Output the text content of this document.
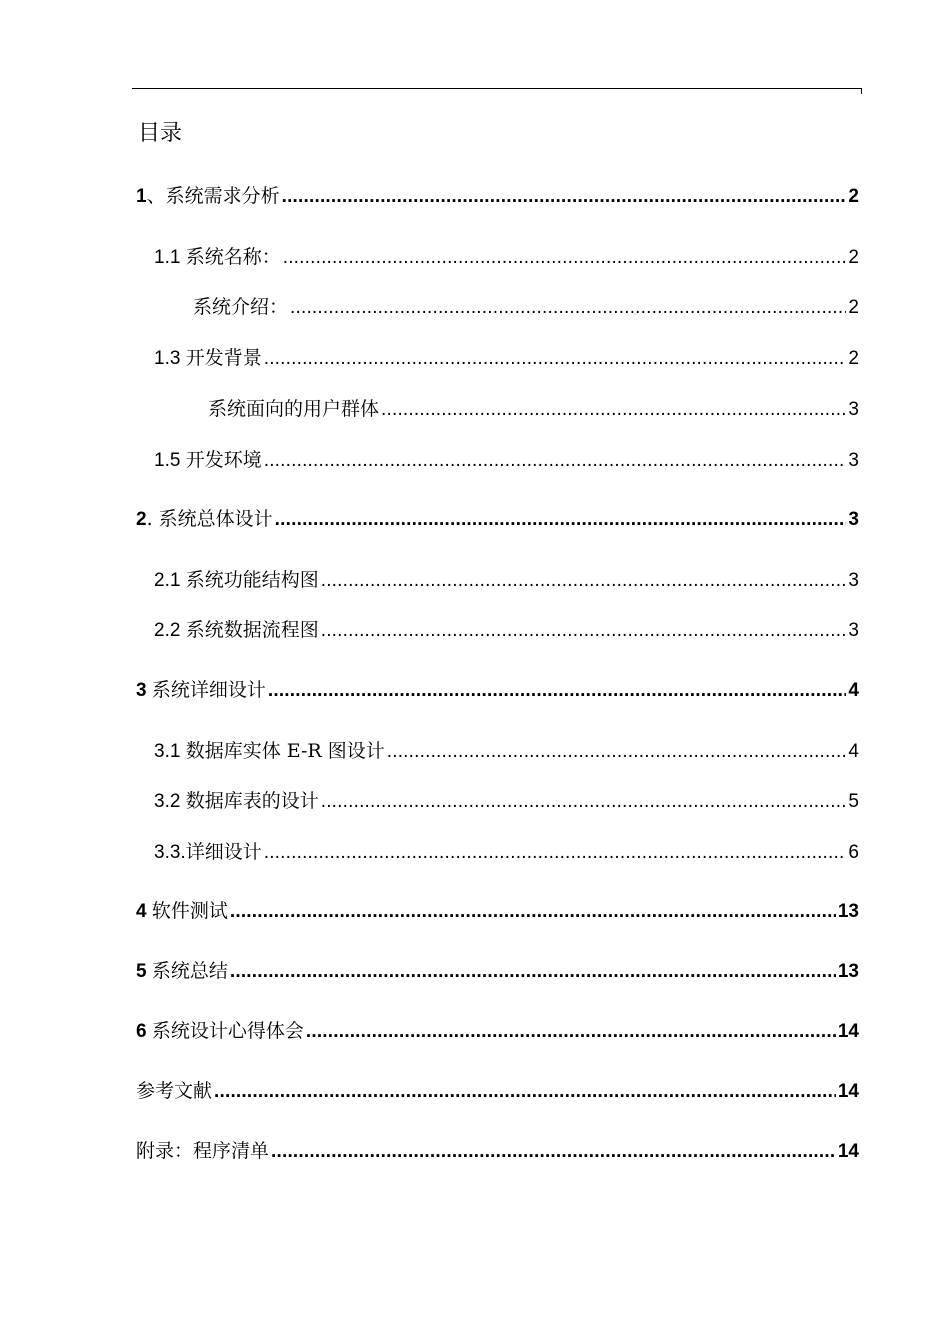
目录
1、系统需求分析 .....	2
1.1 系统名称： .....	2
系统介绍： .....	2
1.3 开发背景 .....	2
系统面向的用户群体 .....	3
1.5 开发环境 .....	3
2. 系统总体设计 .....	3
2.1 系统功能结构图 .....	3
2.2 系统数据流程图 .....	3
3 系统详细设计 .....	4
3.1 数据库实体 E-R 图设计 .....	4
3.2 数据库表的设计 .....	5
3.3.详细设计 .....	6
4 软件测试 .....	13
5 系统总结 .....	13
6 系统设计心得体会 .....	14
参考文献 .....	14
附录：程序清单 .....	14
